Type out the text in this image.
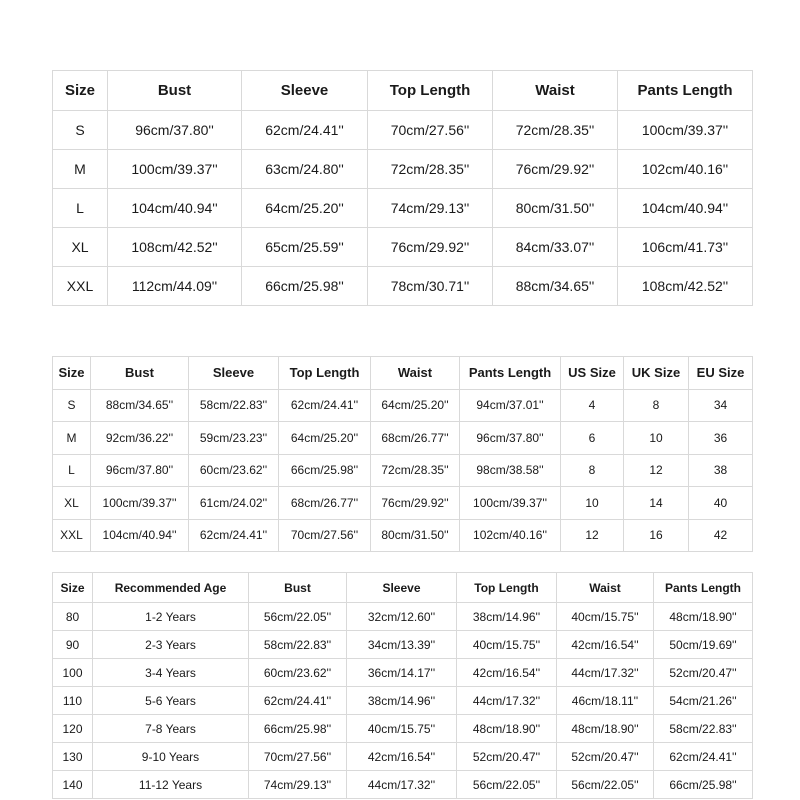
Size	Bust	Sleeve	Top Length	Waist	Pants Length
S	96cm/37.80''	62cm/24.41''	70cm/27.56''	72cm/28.35''	100cm/39.37''
M	100cm/39.37''	63cm/24.80''	72cm/28.35''	76cm/29.92''	102cm/40.16''
L	104cm/40.94''	64cm/25.20''	74cm/29.13''	80cm/31.50''	104cm/40.94''
XL	108cm/42.52''	65cm/25.59''	76cm/29.92''	84cm/33.07''	106cm/41.73''
XXL	112cm/44.09''	66cm/25.98''	78cm/30.71''	88cm/34.65''	108cm/42.52''
Size	Bust	Sleeve	Top Length	Waist	Pants Length	US Size	UK Size	EU Size
S	88cm/34.65''	58cm/22.83''	62cm/24.41''	64cm/25.20''	94cm/37.01''	4	8	34
M	92cm/36.22''	59cm/23.23''	64cm/25.20''	68cm/26.77''	96cm/37.80''	6	10	36
L	96cm/37.80''	60cm/23.62''	66cm/25.98''	72cm/28.35''	98cm/38.58''	8	12	38
XL	100cm/39.37''	61cm/24.02''	68cm/26.77''	76cm/29.92''	100cm/39.37''	10	14	40
XXL	104cm/40.94''	62cm/24.41''	70cm/27.56''	80cm/31.50''	102cm/40.16''	12	16	42
Size	Recommended Age	Bust	Sleeve	Top Length	Waist	Pants Length
80	1-2 Years	56cm/22.05''	32cm/12.60''	38cm/14.96''	40cm/15.75''	48cm/18.90''
90	2-3 Years	58cm/22.83''	34cm/13.39''	40cm/15.75''	42cm/16.54''	50cm/19.69''
100	3-4 Years	60cm/23.62''	36cm/14.17''	42cm/16.54''	44cm/17.32''	52cm/20.47''
110	5-6 Years	62cm/24.41''	38cm/14.96''	44cm/17.32''	46cm/18.11''	54cm/21.26''
120	7-8 Years	66cm/25.98''	40cm/15.75''	48cm/18.90''	48cm/18.90''	58cm/22.83''
130	9-10 Years	70cm/27.56''	42cm/16.54''	52cm/20.47''	52cm/20.47''	62cm/24.41''
140	11-12 Years	74cm/29.13''	44cm/17.32''	56cm/22.05''	56cm/22.05''	66cm/25.98''
